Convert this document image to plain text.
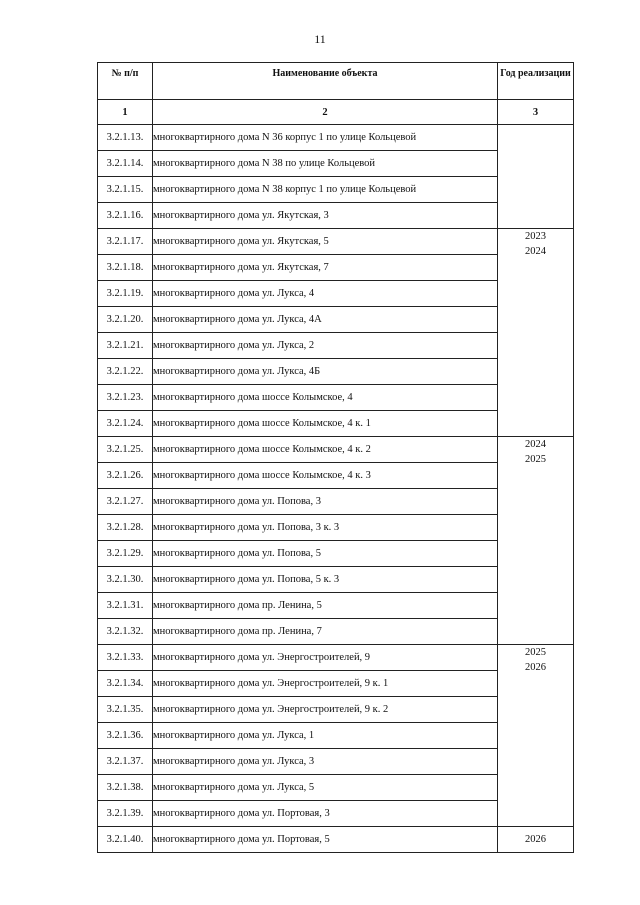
11
№ п/п	Наименование объекта	Год реализации
1	2	3
3.2.1.13.	многоквартирного дома N 36 корпус 1 по улице Кольцевой	
3.2.1.14.	многоквартирного дома N 38 по улице Кольцевой	
3.2.1.15.	многоквартирного дома N 38 корпус 1 по улице Кольцевой	
3.2.1.16.	многоквартирного дома ул. Якутская, 3	
3.2.1.17.	многоквартирного дома ул. Якутская, 5	2023
2024

3.2.1.18.	многоквартирного дома ул. Якутская, 7	
3.2.1.19.	многоквартирного дома ул. Лукса, 4	
3.2.1.20.	многоквартирного дома ул. Лукса, 4А	
3.2.1.21.	многоквартирного дома ул. Лукса, 2	
3.2.1.22.	многоквартирного дома ул. Лукса, 4Б	
3.2.1.23.	многоквартирного дома шоссе Колымское, 4	
3.2.1.24.	многоквартирного дома шоссе Колымское, 4 к. 1	
3.2.1.25.	многоквартирного дома шоссе Колымское, 4 к. 2	2024
2025

3.2.1.26.	многоквартирного дома шоссе Колымское, 4 к. 3	
3.2.1.27.	многоквартирного дома ул. Попова, 3	
3.2.1.28.	многоквартирного дома ул. Попова, 3 к. 3	
3.2.1.29.	многоквартирного дома ул. Попова, 5	
3.2.1.30.	многоквартирного дома ул. Попова, 5 к. 3	
3.2.1.31.	многоквартирного дома пр. Ленина, 5	
3.2.1.32.	многоквартирного дома пр. Ленина, 7	
3.2.1.33.	многоквартирного дома ул. Энергостроителей, 9	2025
2026

3.2.1.34.	многоквартирного дома ул. Энергостроителей, 9 к. 1	
3.2.1.35.	многоквартирного дома ул. Энергостроителей, 9 к. 2	
3.2.1.36.	многоквартирного дома ул. Лукса, 1	
3.2.1.37.	многоквартирного дома ул. Лукса, 3	
3.2.1.38.	многоквартирного дома ул. Лукса, 5	
3.2.1.39.	многоквартирного дома ул. Портовая, 3	
3.2.1.40.	многоквартирного дома ул. Портовая, 5	2026
